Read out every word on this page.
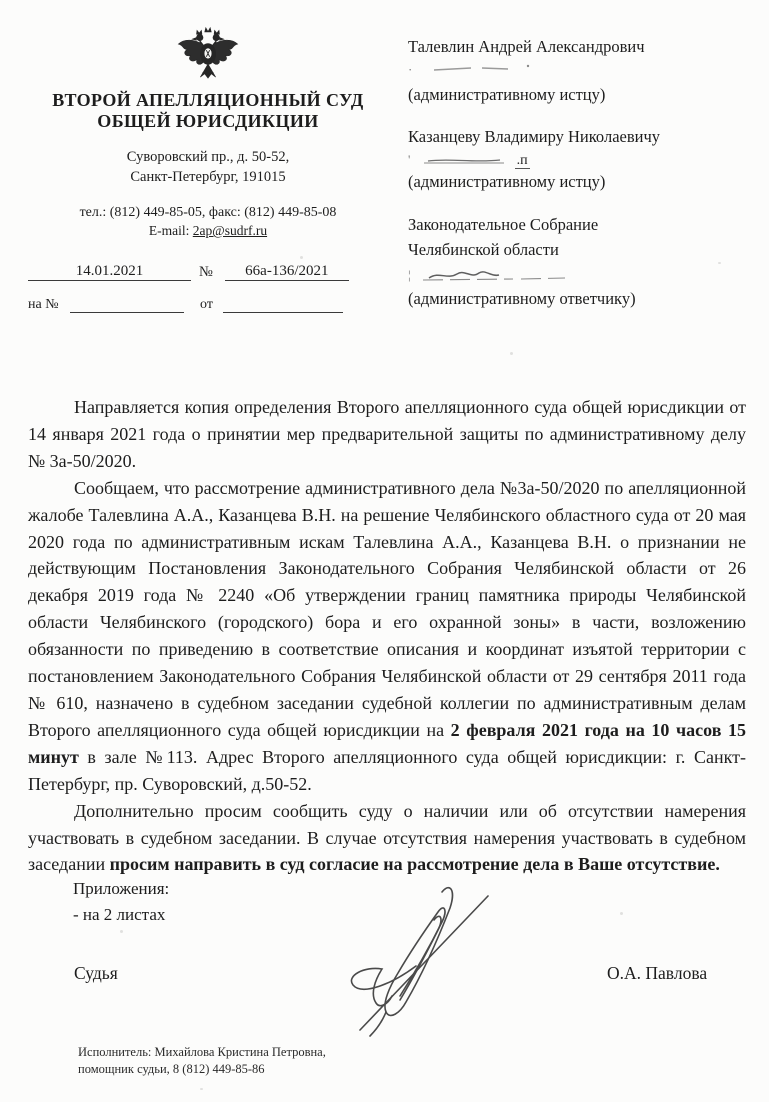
ВТОРОЙ АПЕЛЛЯЦИОННЫЙ СУД
ОБЩЕЙ ЮРИСДИКЦИИ
Суворовский пр., д. 50-52,
Санкт-Петербург, 191015
тел.: (812) 449-85-05, факс: (812) 449-85-08
E-mail: 2ap@sudrf.ru
14.01.2021	№	66а-136/2021
на №	от
Талевлин Андрей Александрович
·
(административному истцу)
Казанцеву Владимиру Николаевичу
'	.п
(административному истцу)
Законодательное Собрание
Челябинской области
¦
(административному ответчику)

Направляется копия определения Второго апелляционного суда общей юрисдикции от 14 января 2021 года о принятии мер предварительной защиты по административному делу № 3а-50/2020.

Сообщаем, что рассмотрение административного дела №3а-50/2020 по апелляционной жалобе Талевлина А.А., Казанцева В.Н. на решение Челябинского областного суда от 20 мая 2020 года по административным искам Талевлина А.А., Казанцева В.Н. о признании не действующим Постановления Законодательного Собрания Челябинской области от 26 декабря 2019 года № 2240 «Об утверждении границ памятника природы Челябинской области Челябинского (городского) бора и его охранной зоны» в части, возложению обязанности по приведению в соответствие описания и координат изъятой территории с постановлением Законодательного Собрания Челябинской области от 29 сентября 2011 года № 610, назначено в судебном заседании судебной коллегии по административным делам Второго апелляционного суда общей юрисдикции на 2 февраля 2021 года на 10 часов 15 минут в зале №113. Адрес Второго апелляционного суда общей юрисдикции: г. Санкт-Петербург, пр. Суворовский, д.50-52.

Дополнительно просим сообщить суду о наличии или об отсутствии намерения участвовать в судебном заседании. В случае отсутствия намерения участвовать в судебном заседании просим направить в суд согласие на рассмотрение дела в Ваше отсутствие.

Приложения:
- на 2 листах
Судья	О.А. Павлова
Исполнитель: Михайлова Кристина Петровна,
помощник судьи, 8 (812) 449-85-86
